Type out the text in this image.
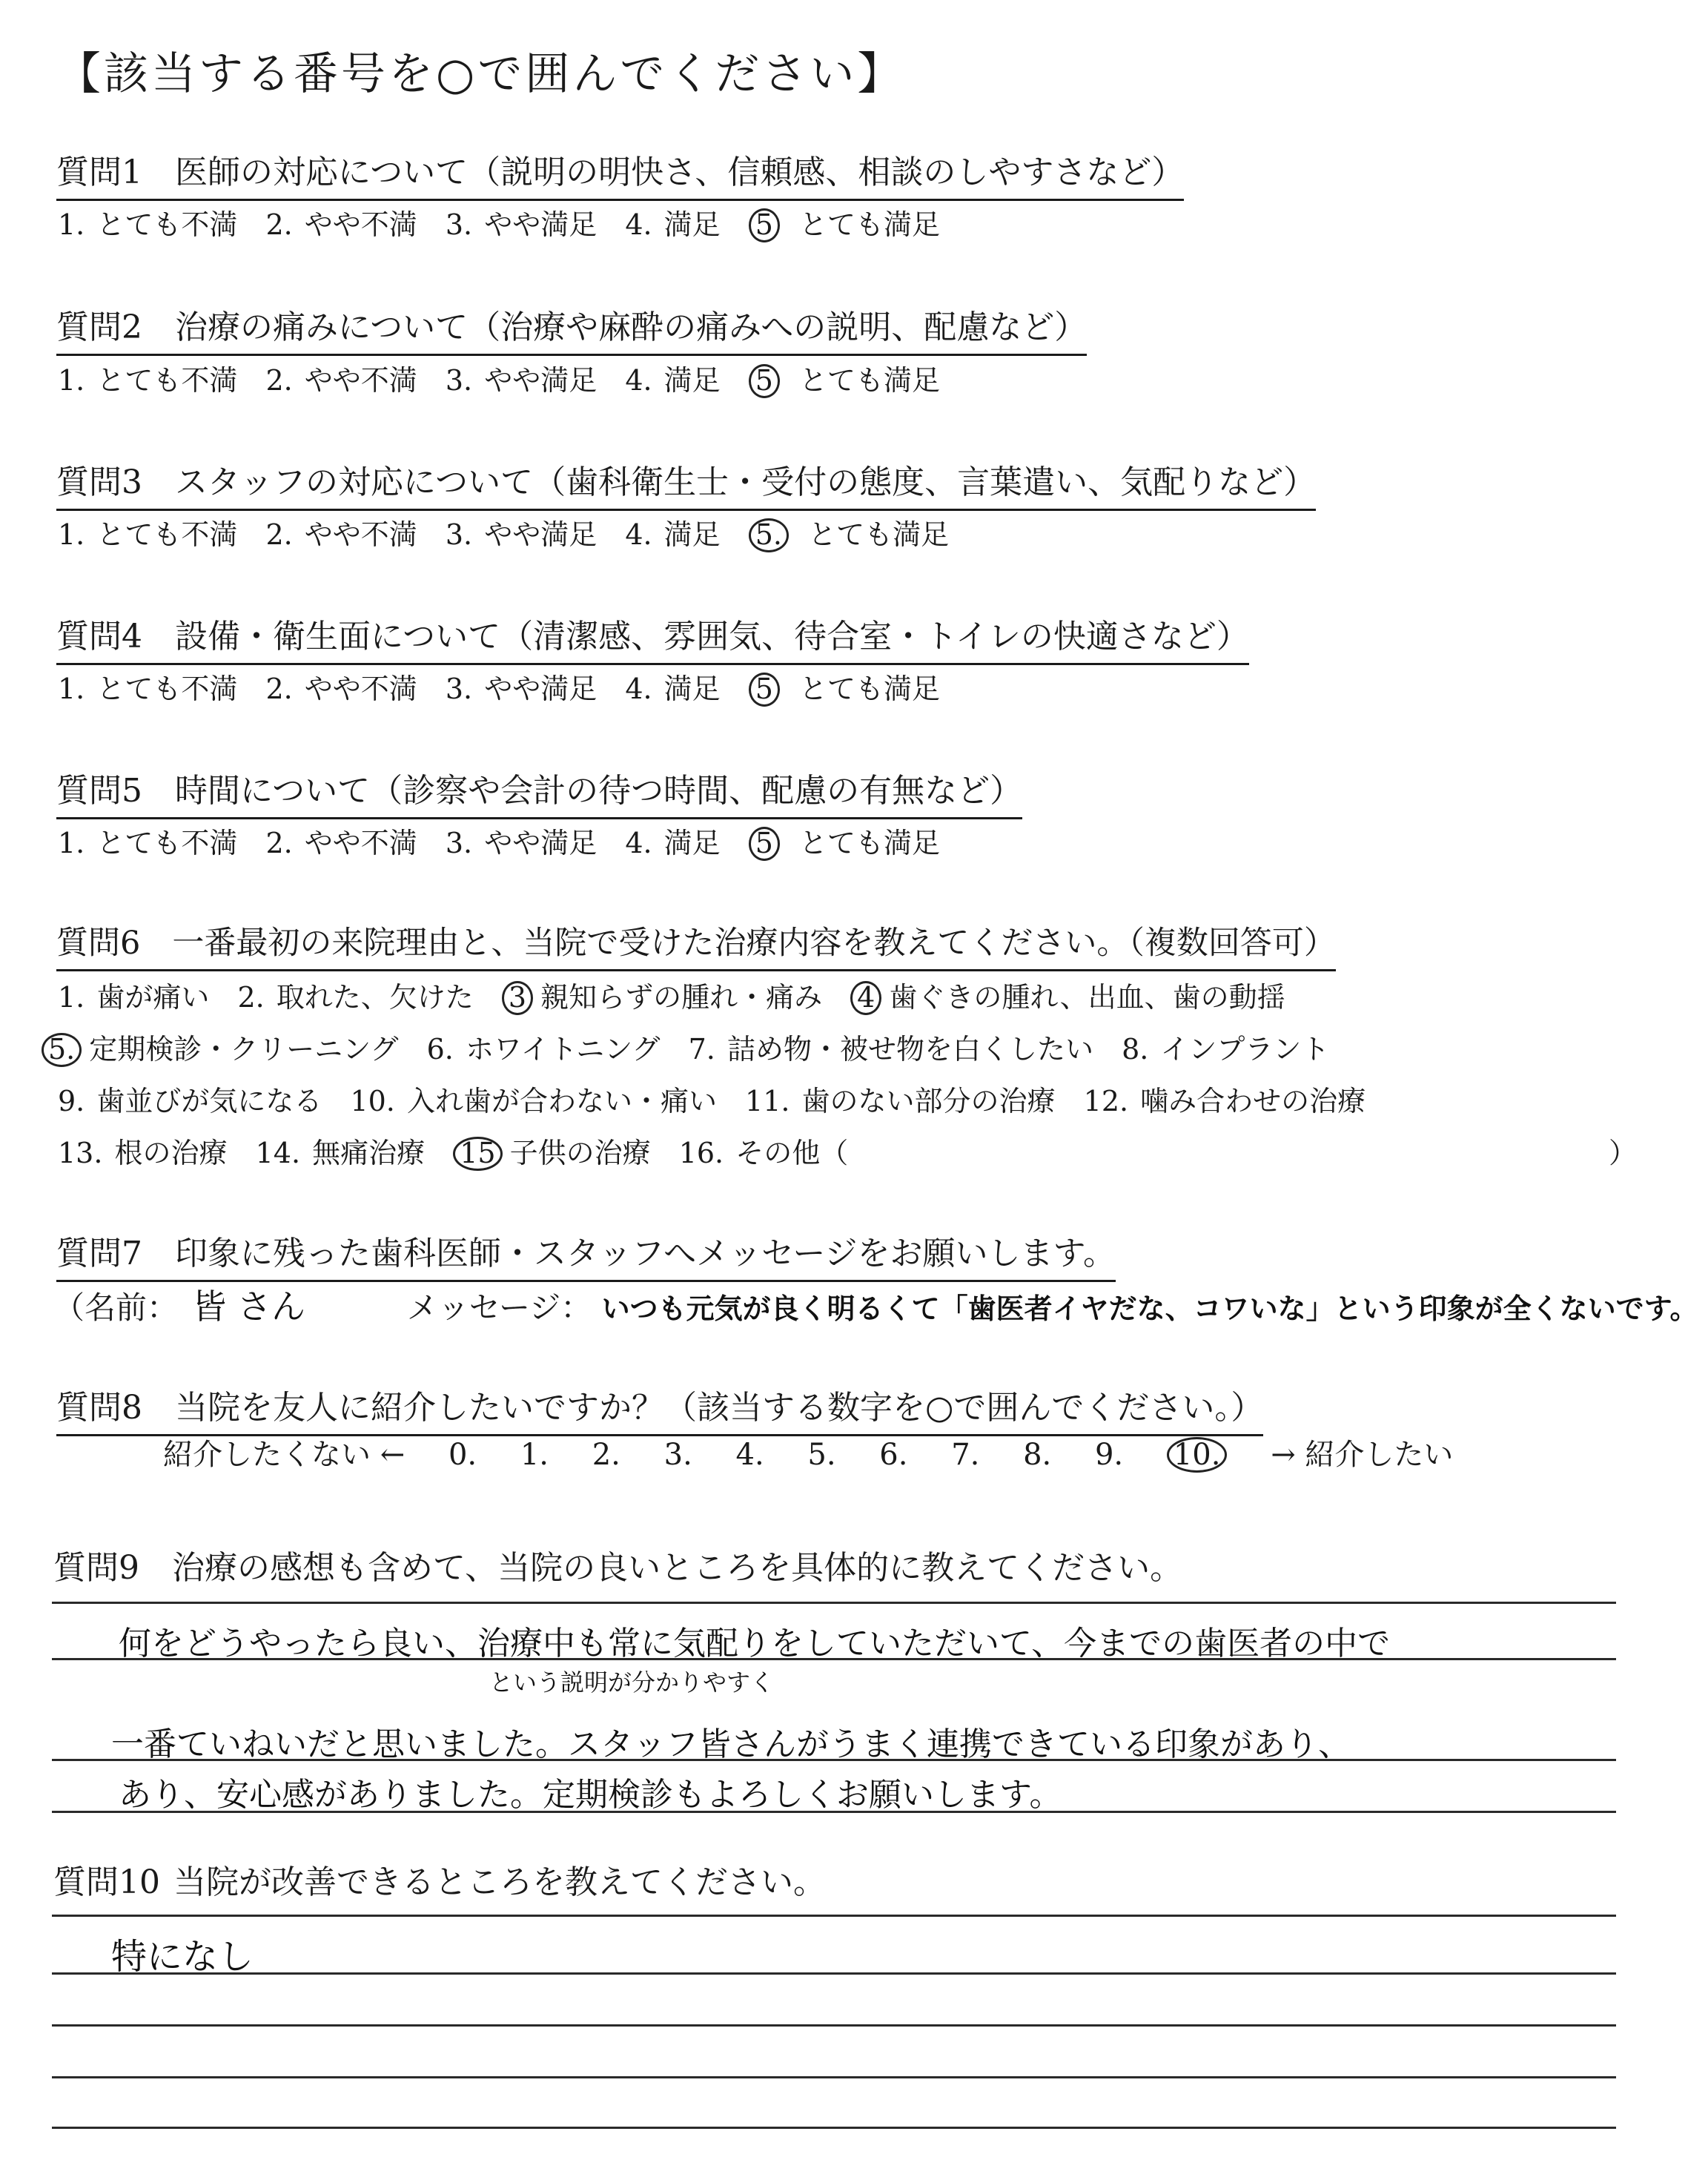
【該当する番号を○で囲んでください】
質問1　医師の対応について（説明の明快さ、信頼感、相談のしやすさなど）
1. とても不満 2. やや不満 3. やや満足 4. 満足 5 とても満足
質問2　治療の痛みについて（治療や麻酔の痛みへの説明、配慮など）
1. とても不満 2. やや不満 3. やや満足 4. 満足 5 とても満足
質問3　スタッフの対応について（歯科衛生士・受付の態度、言葉遣い、気配りなど）
1. とても不満 2. やや不満 3. やや満足 4. 満足 5. とても満足
質問4　設備・衛生面について（清潔感、雰囲気、待合室・トイレの快適さなど）
1. とても不満 2. やや不満 3. やや満足 4. 満足 5 とても満足
質問5　時間について（診察や会計の待つ時間、配慮の有無など）
1. とても不満 2. やや不満 3. やや満足 4. 満足 5 とても満足
質問6　一番最初の来院理由と、当院で受けた治療内容を教えてください。（複数回答可）
1. 歯が痛い 2. 取れた、欠けた 3 親知らずの腫れ・痛み 4 歯ぐきの腫れ、出血、歯の動揺
5. 定期検診・クリーニング 6. ホワイトニング 7. 詰め物・被せ物を白くしたい 8. インプラント
9. 歯並びが気になる 10. 入れ歯が合わない・痛い 11. 歯のない部分の治療 12. 噛み合わせの治療
13. 根の治療 14. 無痛治療 15 子供の治療 16. その他（	）
質問7　印象に残った歯科医師・スタッフへメッセージをお願いします。
（名前： 皆 さん	メッセージ： いつも元気が良く明るくて「歯医者イヤだな、コワいな」という印象が全くないです。
質問8　当院を友人に紹介したいですか？（該当する数字を○で囲んでください。）
紹介したくない ← 0. 1. 2. 3. 4. 5. 6. 7. 8. 9. 10. → 紹介したい
質問9　治療の感想も含めて、当院の良いところを具体的に教えてください。
何をどうやったら良い、治療中も常に気配りをしていただいて、今までの歯医者の中で
という説明が分かりやすく
一番ていねいだと思いました。スタッフ皆さんがうまく連携できている印象があり、
あり、安心感がありました。定期検診もよろしくお願いします。
質問10 当院が改善できるところを教えてください。
特になし
